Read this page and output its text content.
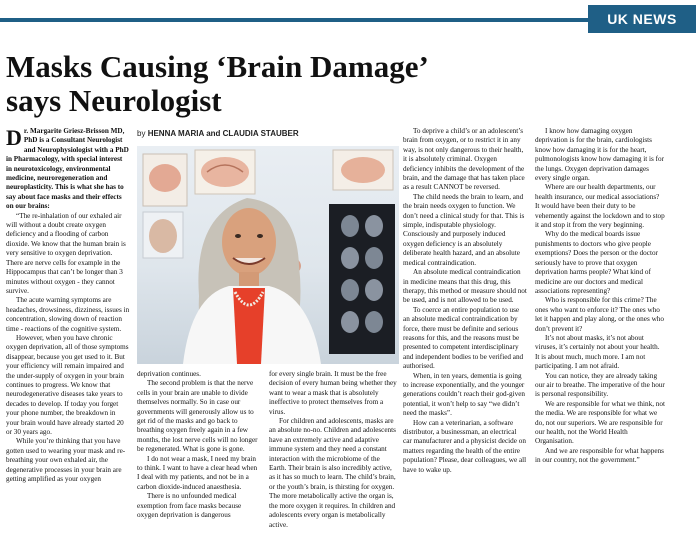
UK NEWS
Masks Causing ‘Brain Damage’
says Neurologist

Dr. Margarite Griesz-Brisson MD, PhD is a Consultant Neurologist and Neurophysiologist with a PhD in Pharmacology, with special interest in neurotoxicology, environmental medicine, neuroregeneration and neuroplasticity. This is what she has to say about face masks and their effects on our brains:

“The re-inhalation of our exhaled air will without a doubt create oxygen deficiency and a flooding of carbon dioxide. We know that the human brain is very sensitive to oxygen deprivation. There are nerve cells for example in the Hippocampus that can’t be longer than 3 minutes without oxygen - they cannot survive.

The acute warning symptoms are headaches, drowsiness, dizziness, issues in concentration, slowing down of reaction time - reactions of the cognitive system.

However, when you have chronic oxygen deprivation, all of those symptoms disappear, because you get used to it. But your efficiency will remain impaired and the under-supply of oxygen in your brain continues to progress. We know that neurodegenerative diseases take years to decades to develop. If today you forget your phone number, the breakdown in your brain would have already started 20 or 30 years ago.

While you’re thinking that you have gotten used to wearing your mask and re-breathing your own exhaled air, the degenerative processes in your brain are getting amplified as your oxygen

by HENNA MARIA and CLAUDIA STAUBER

deprivation continues.

The second problem is that the nerve cells in your brain are unable to divide themselves normally. So in case our governments will generously allow us to get rid of the masks and go back to breathing oxygen freely again in a few months, the lost nerve cells will no longer be regenerated. What is gone is gone.

I do not wear a mask, I need my brain to think. I want to have a clear head when I deal with my patients, and not be in a carbon dioxide-induced anaesthesia.

There is no unfounded medical exemption from face masks because oxygen deprivation is dangerous

for every single brain. It must be the free decision of every human being whether they want to wear a mask that is absolutely ineffective to protect themselves from a virus.

For children and adolescents, masks are an absolute no-no. Children and adolescents have an extremely active and adaptive immune system and they need a constant interaction with the microbiome of the Earth. Their brain is also incredibly active, as it has so much to learn. The child’s brain, or the youth’s brain, is thirsting for oxygen. The more metabolically active the organ is, the more oxygen it requires. In children and adolescents every organ is metabolically active.

To deprive a child’s or an adolescent’s brain from oxygen, or to restrict it in any way, is not only dangerous to their health, it is absolutely criminal. Oxygen deficiency inhibits the development of the brain, and the damage that has taken place as a result CANNOT be reversed.

The child needs the brain to learn, and the brain needs oxygen to function. We don’t need a clinical study for that. This is simple, indisputable physiology. Consciously and purposely induced oxygen deficiency is an absolutely deliberate health hazard, and an absolute medical contraindication.

An absolute medical contraindication in medicine means that this drug, this therapy, this method or measure should not be used, and is not allowed to be used.

To coerce an entire population to use an absolute medical contraindication by force, there must be definite and serious reasons for this, and the reasons must be presented to competent interdisciplinary and independent bodies to be verified and authorised.

When, in ten years, dementia is going to increase exponentially, and the younger generations couldn’t reach their god-given potential, it won’t help to say “we didn’t need the masks”.

How can a veterinarian, a software distributor, a businessman, an electrical car manufacturer and a physicist decide on matters regarding the health of the entire population? Please, dear colleagues, we all have to wake up.

I know how damaging oxygen deprivation is for the brain, cardiologists know how damaging it is for the heart, pulmonologists know how damaging it is for the lungs. Oxygen deprivation damages every single organ.

Where are our health departments, our health insurance, our medical associations? It would have been their duty to be vehemently against the lockdown and to stop it and stop it from the very beginning.

Why do the medical boards issue punishments to doctors who give people exemptions? Does the person or the doctor seriously have to prove that oxygen deprivation harms people? What kind of medicine are our doctors and medical associations representing?

Who is responsible for this crime? The ones who want to enforce it? The ones who let it happen and play along, or the ones who don’t prevent it?

It’s not about masks, it’s not about viruses, it’s certainly not about your health. It is about much, much more. I am not participating. I am not afraid.

You can notice, they are already taking our air to breathe. The imperative of the hour is personal responsibility.

We are responsible for what we think, not the media. We are responsible for what we do, not our superiors. We are responsible for our health, not the World Health Organisation.

And we are responsible for what happens in our country, not the government.”
